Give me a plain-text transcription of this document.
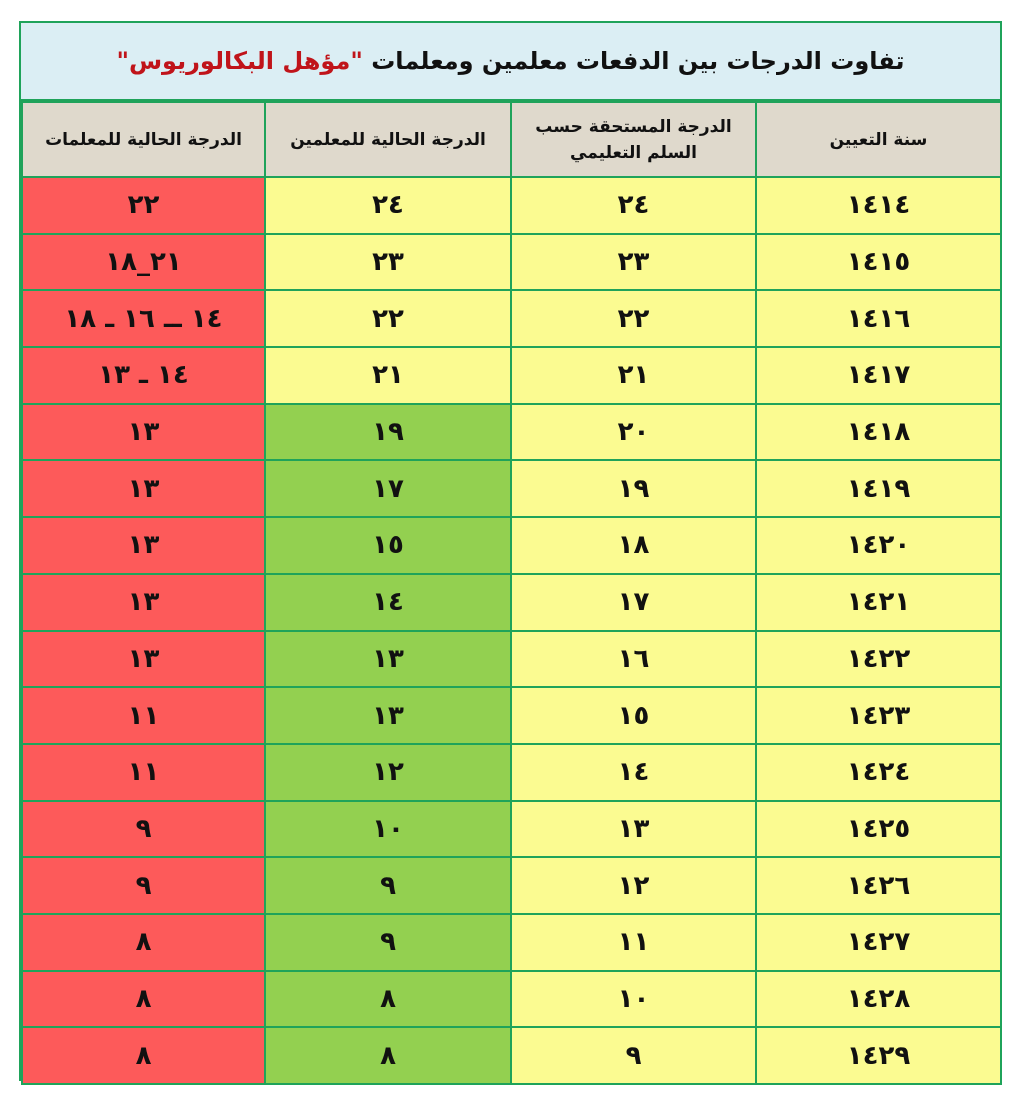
تفاوت الدرجات بين الدفعات معلمين ومعلمات

"مؤهل البكالوريوس"
سنة التعيين	الدرجة المستحقة حسب السلم التعليمي	الدرجة الحالية للمعلمين	الدرجة الحالية للمعلمات
١٤١٤	٢٤	٢٤	٢٢
١٤١٥	٢٣	٢٣	٢١_١٨
١٤١٦	٢٢	٢٢	١٤ ــ ١٦ ـ ١٨
١٤١٧	٢١	٢١	١٤ ـ ١٣
١٤١٨	٢٠	١٩	١٣
١٤١٩	١٩	١٧	١٣
١٤٢٠	١٨	١٥	١٣
١٤٢١	١٧	١٤	١٣
١٤٢٢	١٦	١٣	١٣
١٤٢٣	١٥	١٣	١١
١٤٢٤	١٤	١٢	١١
١٤٢٥	١٣	١٠	٩
١٤٢٦	١٢	٩	٩
١٤٢٧	١١	٩	٨
١٤٢٨	١٠	٨	٨
١٤٢٩	٩	٨	٨
